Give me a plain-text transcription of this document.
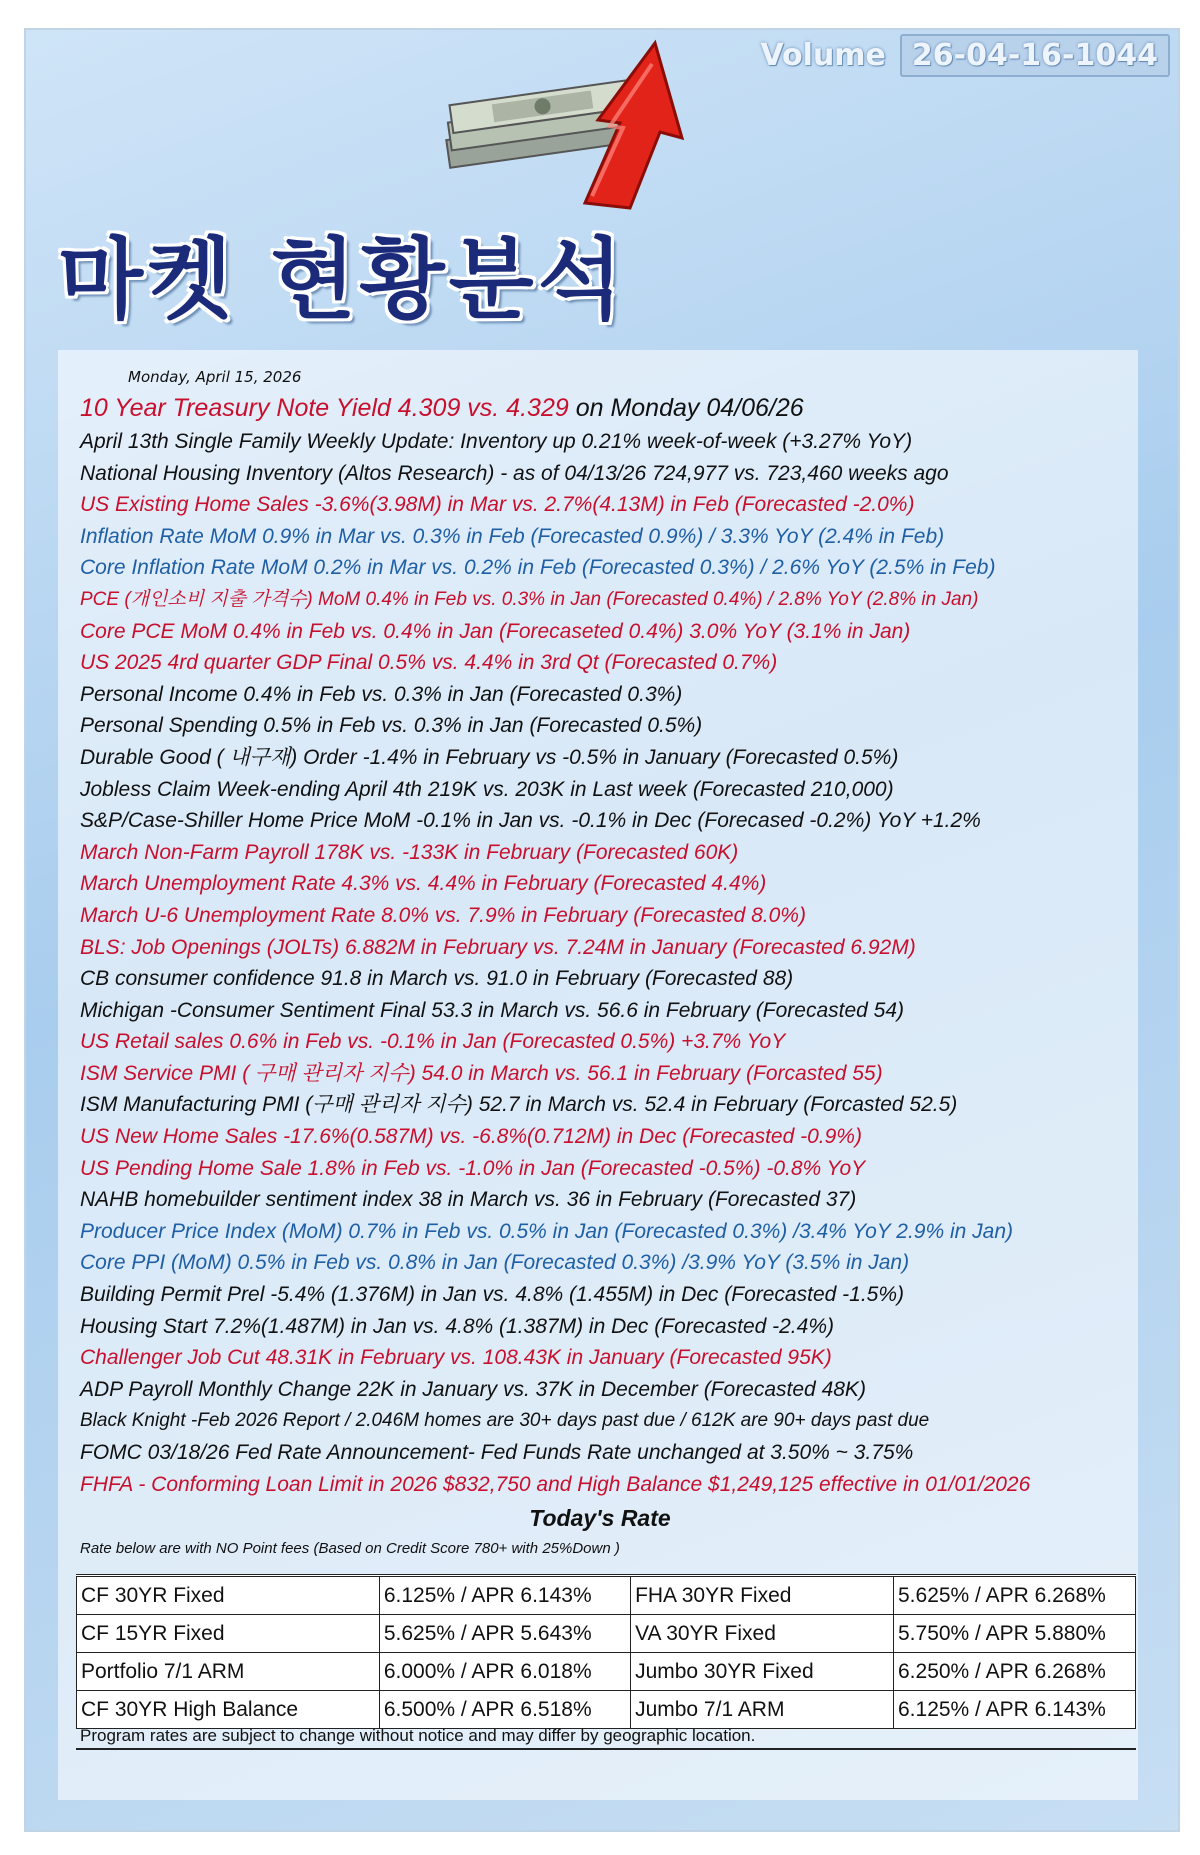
Volume 26-04-16-1044
마켓 현황분석
Monday, April 15, 2026
10 Year Treasury Note Yield 4.309 vs. 4.329 on Monday 04/06/26
April 13th Single Family Weekly Update: Inventory up 0.21% week-of-week (+3.27% YoY)
National Housing Inventory (Altos Research) - as of 04/13/26 724,977 vs. 723,460 weeks ago
US Existing Home Sales -3.6%(3.98M) in Mar vs. 2.7%(4.13M) in Feb (Forecasted -2.0%)
Inflation Rate MoM 0.9% in Mar vs. 0.3% in Feb (Forecasted 0.9%) / 3.3% YoY (2.4% in Feb)
Core Inflation Rate MoM 0.2% in Mar vs. 0.2% in Feb (Forecasted 0.3%) / 2.6% YoY (2.5% in Feb)
PCE (개인소비 지출 가격수) MoM 0.4% in Feb vs. 0.3% in Jan (Forecasted 0.4%) / 2.8% YoY (2.8% in Jan)
Core PCE MoM 0.4% in Feb vs. 0.4% in Jan (Forecaseted 0.4%) 3.0% YoY (3.1% in Jan)
US 2025 4rd quarter GDP Final 0.5% vs. 4.4% in 3rd Qt (Forecasted 0.7%)
Personal Income 0.4% in Feb vs. 0.3% in Jan (Forecasted 0.3%)
Personal Spending 0.5% in Feb vs. 0.3% in Jan (Forecasted 0.5%)
Durable Good ( 내구재) Order -1.4% in February vs -0.5% in January (Forecasted 0.5%)
Jobless Claim Week-ending April 4th 219K vs. 203K in Last week (Forecasted 210,000)
S&P/Case-Shiller Home Price MoM -0.1% in Jan vs. -0.1% in Dec (Forecased -0.2%) YoY +1.2%
March Non-Farm Payroll 178K vs. -133K in February (Forecasted 60K)
March Unemployment Rate 4.3% vs. 4.4% in February (Forecasted 4.4%)
March U-6 Unemployment Rate 8.0% vs. 7.9% in February (Forecasted 8.0%)
BLS: Job Openings (JOLTs) 6.882M in February vs. 7.24M in January (Forecasted 6.92M)
CB consumer confidence 91.8 in March vs. 91.0 in February (Forecasted 88)
Michigan -Consumer Sentiment Final 53.3 in March vs. 56.6 in February (Forecasted 54)
US Retail sales 0.6% in Feb vs. -0.1% in Jan (Forecasted 0.5%) +3.7% YoY
ISM Service PMI ( 구매 관리자 지수) 54.0 in March vs. 56.1 in February (Forcasted 55)
ISM Manufacturing PMI (구매 관리자 지수) 52.7 in March vs. 52.4 in February (Forcasted 52.5)
US New Home Sales -17.6%(0.587M) vs. -6.8%(0.712M) in Dec (Forecasted -0.9%)
US Pending Home Sale 1.8% in Feb vs. -1.0% in Jan (Forecasted -0.5%) -0.8% YoY
NAHB homebuilder sentiment index 38 in March vs. 36 in February (Forecasted 37)
Producer Price Index (MoM) 0.7% in Feb vs. 0.5% in Jan (Forecasted 0.3%) /3.4% YoY 2.9% in Jan)
Core PPI (MoM) 0.5% in Feb vs. 0.8% in Jan (Forecasted 0.3%) /3.9% YoY (3.5% in Jan)
Building Permit Prel -5.4% (1.376M) in Jan vs. 4.8% (1.455M) in Dec (Forecasted -1.5%)
Housing Start 7.2%(1.487M) in Jan vs. 4.8% (1.387M) in Dec (Forecasted -2.4%)
Challenger Job Cut 48.31K in February vs. 108.43K in January (Forecasted 95K)
ADP Payroll Monthly Change 22K in January vs. 37K in December (Forecasted 48K)
Black Knight -Feb 2026 Report / 2.046M homes are 30+ days past due / 612K are 90+ days past due
FOMC 03/18/26 Fed Rate Announcement- Fed Funds Rate unchanged at 3.50% ~ 3.75%
FHFA - Conforming Loan Limit in 2026 $832,750 and High Balance $1,249,125 effective in 01/01/2026
Today's Rate
Rate below are with NO Point fees (Based on Credit Score 780+ with 25%Down )
CF 30YR Fixed	6.125% / APR 6.143%	FHA 30YR Fixed	5.625% / APR 6.268%
CF 15YR Fixed	5.625% / APR 5.643%	VA 30YR Fixed	5.750% / APR 5.880%
Portfolio 7/1 ARM	6.000% / APR 6.018%	Jumbo 30YR Fixed	6.250% / APR 6.268%
CF 30YR High Balance	6.500% / APR 6.518%	Jumbo 7/1 ARM	6.125% / APR 6.143%
Program rates are subject to change without notice and may differ by geographic location.
